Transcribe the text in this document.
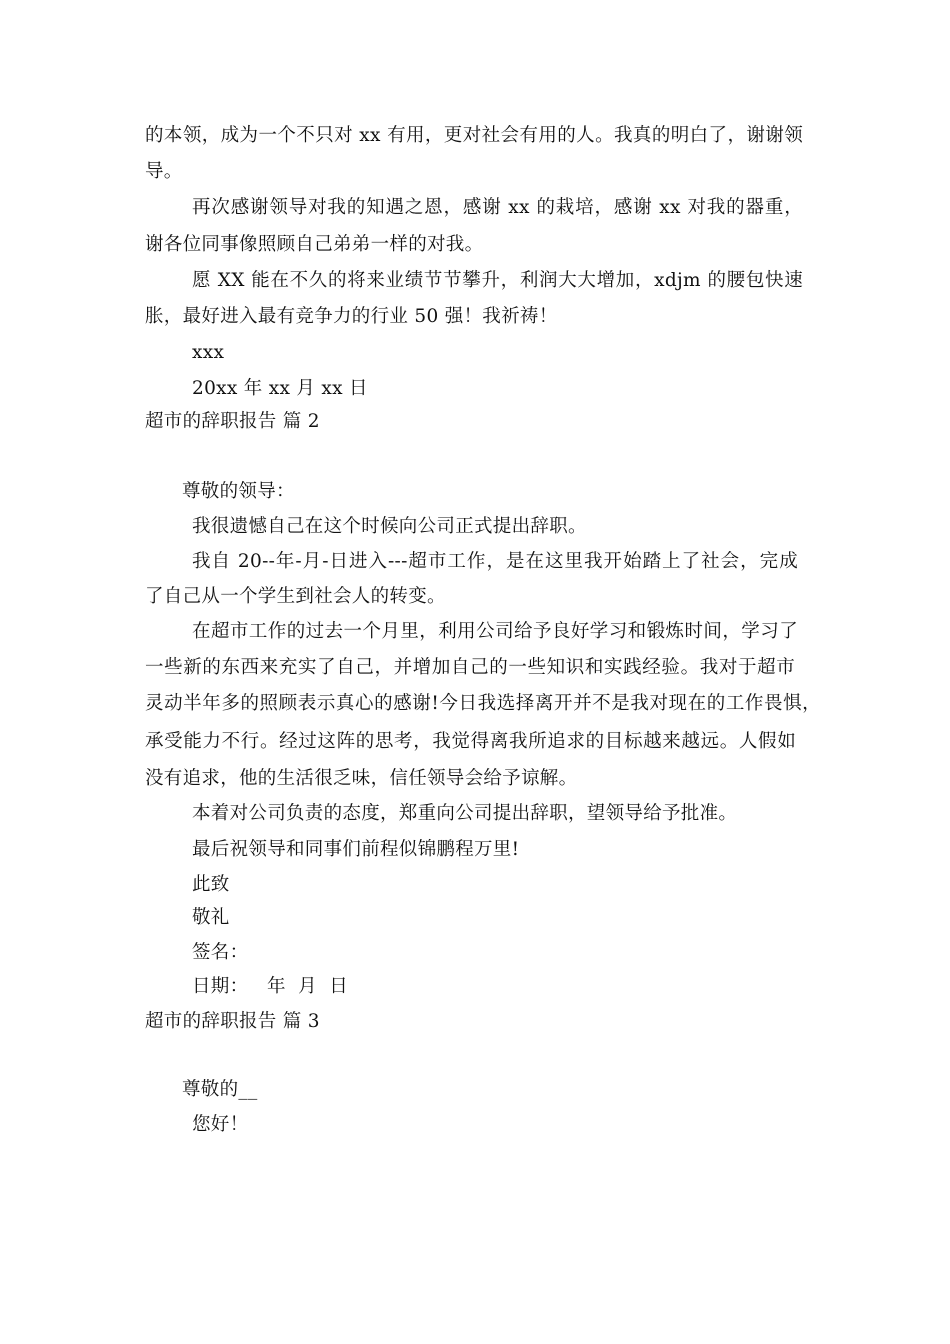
的本领，成为一个不只对 xx 有用，更对社会有用的人。我真的明白了，谢谢领
导。
再次感谢领导对我的知遇之恩，感谢 xx 的栽培，感谢 xx 对我的器重，
谢各位同事像照顾自己弟弟一样的对我。
愿 XX 能在不久的将来业绩节节攀升，利润大大增加，xdjm 的腰包快速
胀，最好进入最有竞争力的行业 50 强！我祈祷！
xxx
20xx 年 xx 月 xx 日
超市的辞职报告 篇 2
尊敬的领导：
我很遗憾自己在这个时候向公司正式提出辞职。
我自 20--年-月-日进入---超市工作，是在这里我开始踏上了社会，完成
了自己从一个学生到社会人的转变。
在超市工作的过去一个月里，利用公司给予良好学习和锻炼时间，学习了
一些新的东西来充实了自己，并增加自己的一些知识和实践经验。我对于超市
灵动半年多的照顾表示真心的感谢!今日我选择离开并不是我对现在的工作畏惧，
承受能力不行。经过这阵的思考，我觉得离我所追求的目标越来越远。人假如
没有追求，他的生活很乏味，信任领导会给予谅解。
本着对公司负责的态度，郑重向公司提出辞职，望领导给予批准。
最后祝领导和同事们前程似锦鹏程万里!
此致
敬礼
签名：
日期：   年  月  日
超市的辞职报告 篇 3
尊敬的__
您好！
